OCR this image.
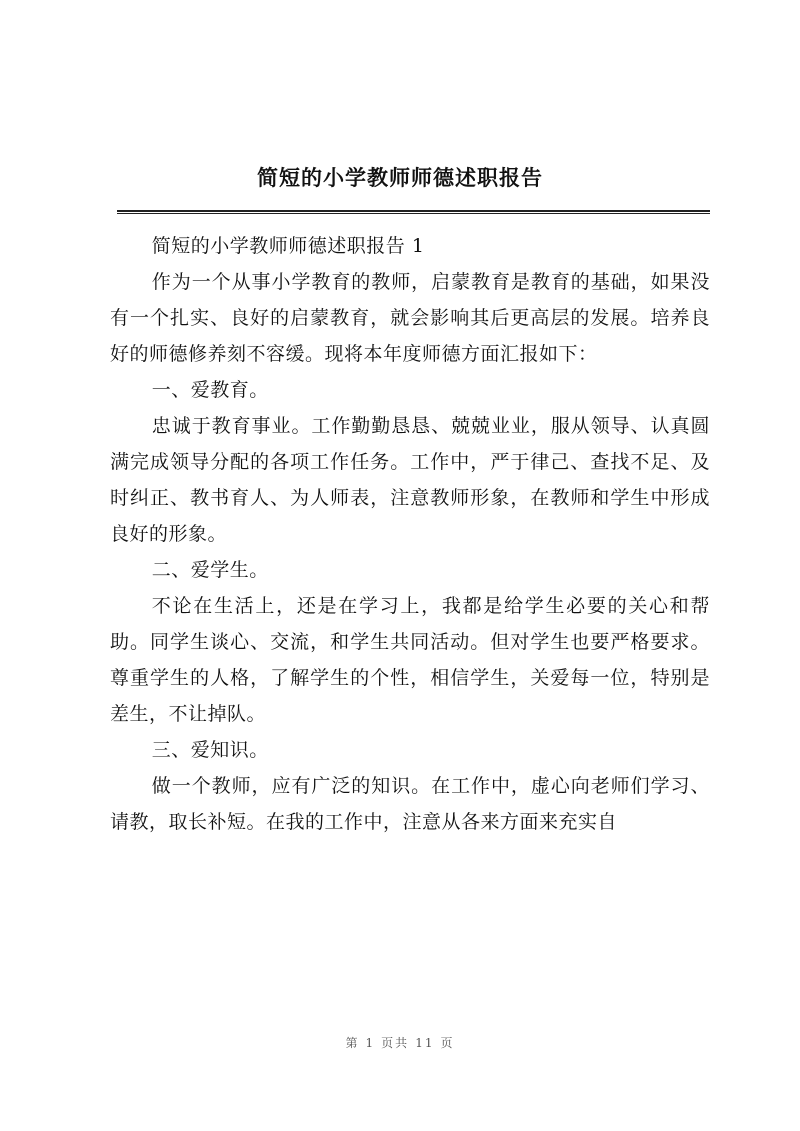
简短的小学教师师德述职报告

简短的小学教师师德述职报告 1

作为一个从事小学教育的教师，启蒙教育是教育的基础，如果没有一个扎实、良好的启蒙教育，就会影响其后更高层的发展。培养良好的师德修养刻不容缓。现将本年度师德方面汇报如下：

一、爱教育。

忠诚于教育事业。工作勤勤恳恳、兢兢业业，服从领导、认真圆满完成领导分配的各项工作任务。工作中，严于律己、查找不足、及时纠正、教书育人、为人师表，注意教师形象，在教师和学生中形成良好的形象。

二、爱学生。

不论在生活上，还是在学习上，我都是给学生必要的关心和帮助。同学生谈心、交流，和学生共同活动。但对学生也要严格要求。尊重学生的人格，了解学生的个性，相信学生，关爱每一位，特别是差生，不让掉队。

三、爱知识。

做一个教师，应有广泛的知识。在工作中，虚心向老师们学习、请教，取长补短。在我的工作中，注意从各来方面来充实自

第 1 页共 11 页
